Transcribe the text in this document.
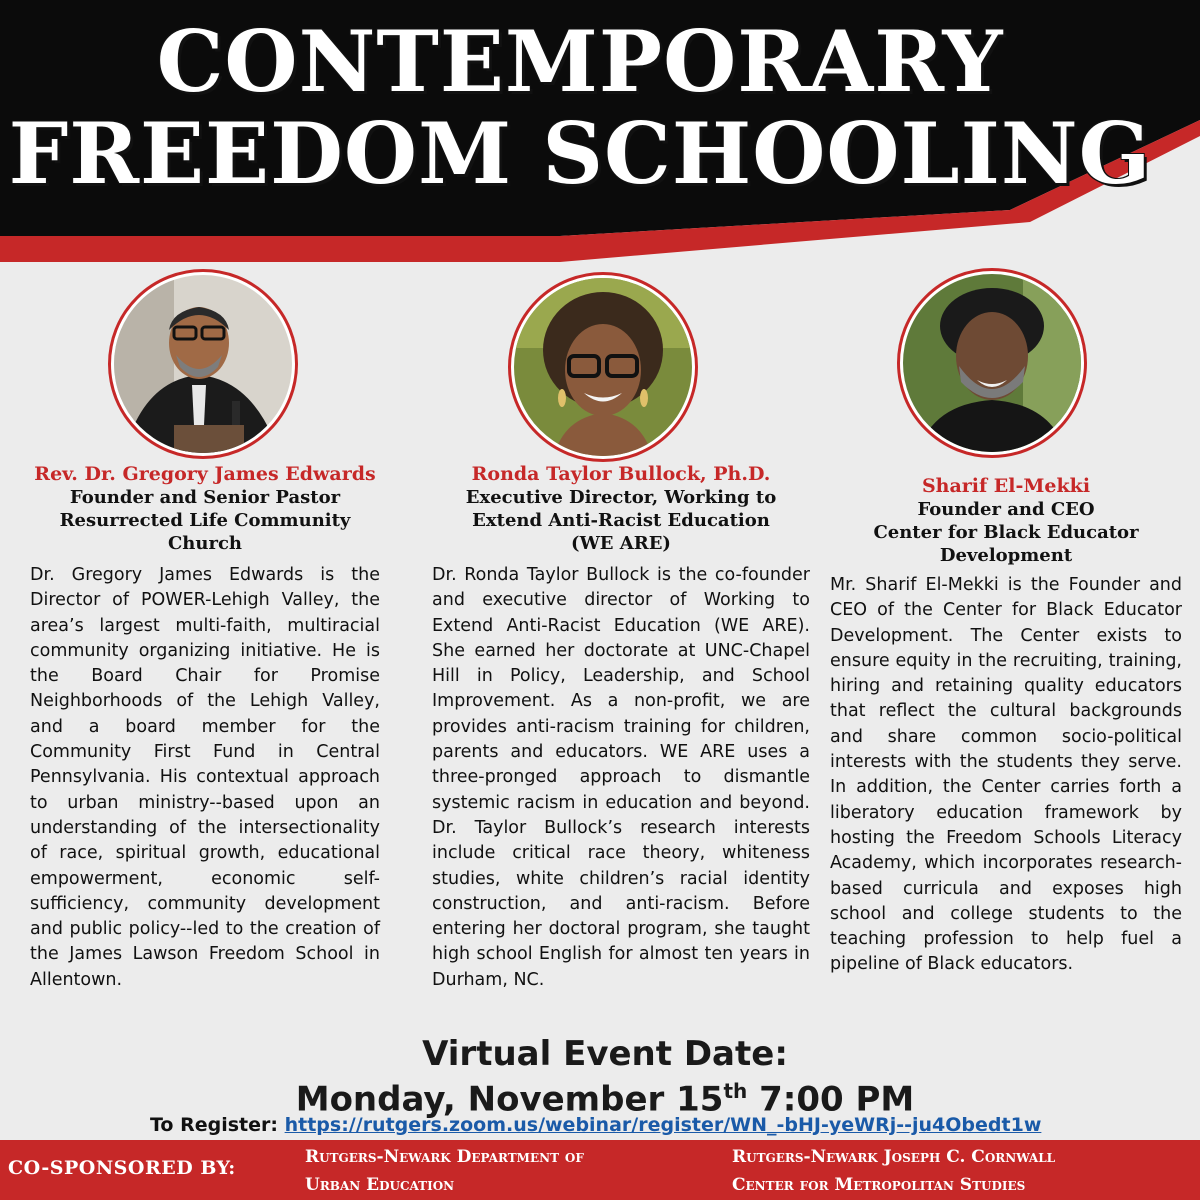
CONTEMPORARY
FREEDOM SCHOOLING

Rev. Dr. Gregory James Edwards

Founder and Senior Pastor

Resurrected Life Community

Church

Dr. Gregory James Edwards is the Director of POWER-Lehigh Valley, the area’s largest multi-faith, multiracial community organizing initiative. He is the Board Chair for Promise Neighborhoods of the Lehigh Valley, and a board member for the Community First Fund in Central Pennsylvania. His contextual approach to urban ministry--based upon an understanding of the intersectionality of race, spiritual growth, educational empowerment, economic self-sufficiency, community development and public policy--led to the creation of the James Lawson Freedom School in Allentown.

Ronda Taylor Bullock, Ph.D.

Executive Director, Working to

Extend Anti-Racist Education

(WE ARE)

Dr. Ronda Taylor Bullock is the co-founder and executive director of Working to Extend Anti-Racist Education (WE ARE). She earned her doctorate at UNC-Chapel Hill in Policy, Leadership, and School Improvement. As a non-profit, we are provides anti-racism training for children, parents and educators. WE ARE uses a three-pronged approach to dismantle systemic racism in education and beyond. Dr. Taylor Bullock’s research interests include critical race theory, whiteness studies, white children’s racial identity construction, and anti-racism. Before entering her doctoral program, she taught high school English for almost ten years in Durham, NC.

Sharif El-Mekki

Founder and CEO

Center for Black Educator

Development

Mr. Sharif El-Mekki is the Founder and CEO of the Center for Black Educator Development. The Center exists to ensure equity in the recruiting, training, hiring and retaining quality educators that reflect the cultural backgrounds and share common socio-political interests with the students they serve. In addition, the Center carries forth a liberatory education framework by hosting the Freedom Schools Literacy Academy, which incorporates research-based curricula and exposes high school and college students to the teaching profession to help fuel a pipeline of Black educators.

Virtual Event Date:
Monday, November 15th 7:00 PM
To Register: https://rutgers.zoom.us/webinar/register/WN_-bHJ-yeWRj--ju4Obedt1w
CO-SPONSORED BY:	Rutgers-Newark Department of
Urban Education
Rutgers-Newark Joseph C. Cornwall
Center for Metropolitan Studies
